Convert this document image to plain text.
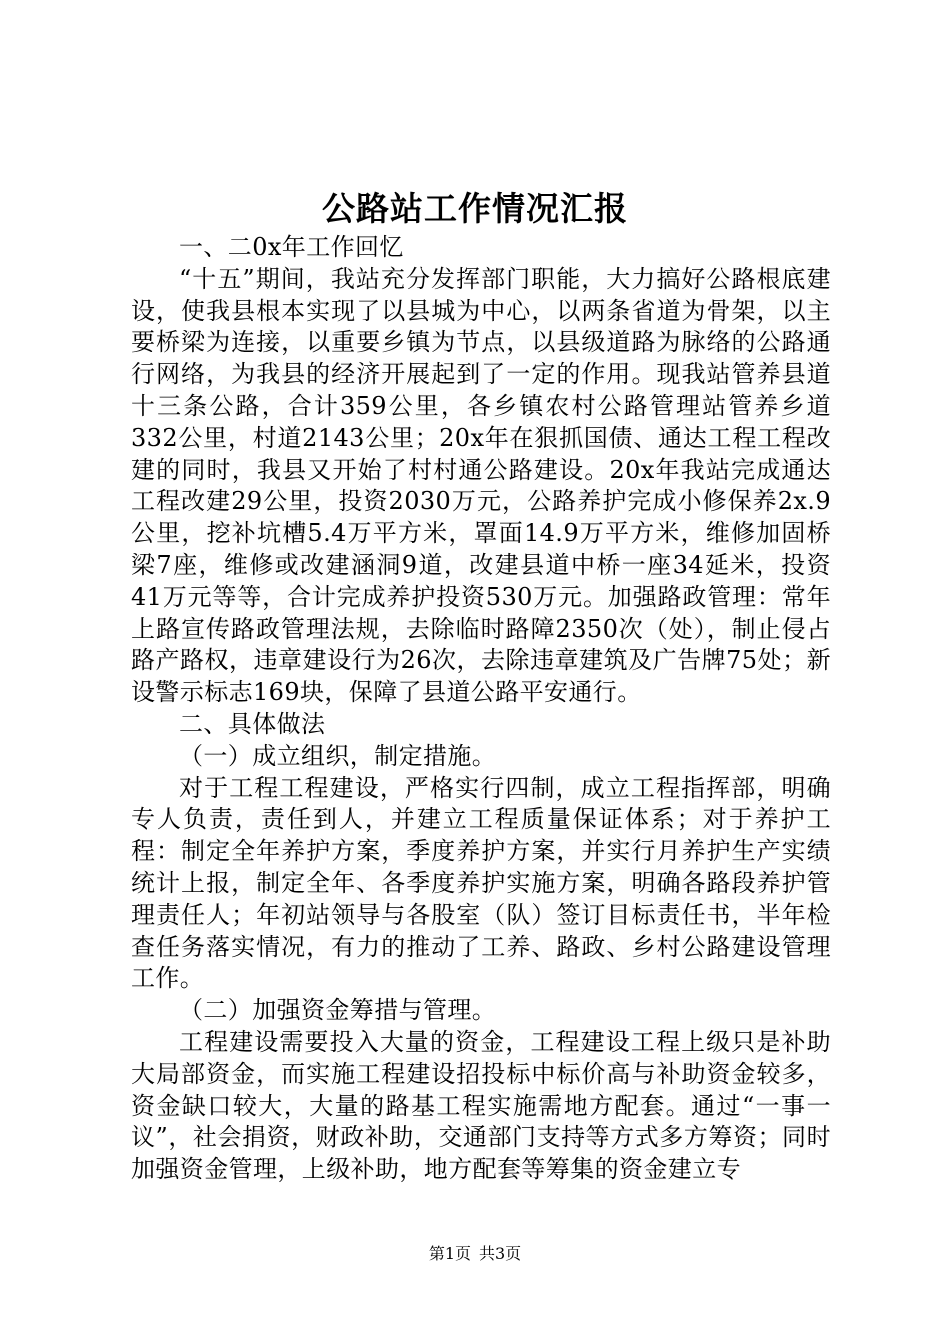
公路站工作情况汇报

一、二0x年工作回忆

“十五”期间，我站充分发挥部门职能，大力搞好公路根底建设，使我县根本实现了以县城为中心，以两条省道为骨架，以主要桥梁为连接，以重要乡镇为节点，以县级道路为脉络的公路通行网络，为我县的经济开展起到了一定的作用。现我站管养县道十三条公路，合计359公里，各乡镇农村公路管理站管养乡道332公里，村道2143公里；20x年在狠抓国债、通达工程工程改建的同时，我县又开始了村村通公路建设。20x年我站完成通达工程改建29公里，投资2030万元，公路养护完成小修保养2x.9公里，挖补坑槽5.4万平方米，罩面14.9万平方米，维修加固桥梁7座，维修或改建涵洞9道，改建县道中桥一座34延米，投资41万元等等，合计完成养护投资530万元。加强路政管理：常年上路宣传路政管理法规，去除临时路障2350次（处），制止侵占路产路权，违章建设行为26次，去除违章建筑及广告牌75处；新设警示标志169块，保障了县道公路平安通行。

二、具体做法

（一）成立组织，制定措施。

对于工程工程建设，严格实行四制，成立工程指挥部，明确专人负责，责任到人，并建立工程质量保证体系；对于养护工程：制定全年养护方案，季度养护方案，并实行月养护生产实绩统计上报，制定全年、各季度养护实施方案，明确各路段养护管理责任人；年初站领导与各股室（队）签订目标责任书，半年检查任务落实情况，有力的推动了工养、路政、乡村公路建设管理工作。

（二）加强资金筹措与管理。

工程建设需要投入大量的资金，工程建设工程上级只是补助大局部资金，而实施工程建设招投标中标价高与补助资金较多，资金缺口较大，大量的路基工程实施需地方配套。通过“一事一议”，社会捐资，财政补助，交通部门支持等方式多方筹资；同时加强资金管理，上级补助，地方配套等筹集的资金建立专

第1页 共3页
